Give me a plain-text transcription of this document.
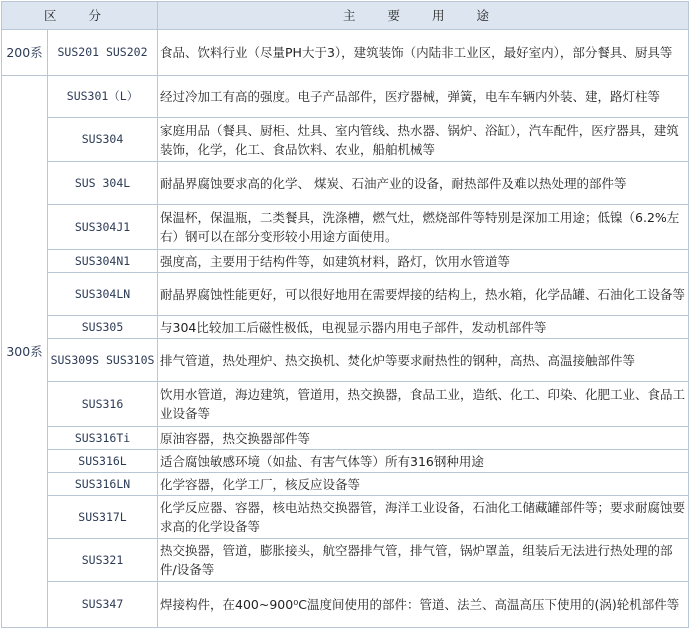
区 分		主 要 用 途
200系	SUS201 SUS202	食品、饮料行业（尽量PH大于3），建筑装饰（内陆非工业区，最好室内），部分餐具、厨具等
300系	SUS301（L）	经过冷加工有高的强度。电子产品部件，医疗器械，弹簧，电车车辆内外装、建，路灯柱等
	SUS304	家庭用品（餐具、厨柜、灶具、室内管线、热水器、锅炉、浴缸），汽车配件，医疗器具，建筑装饰，化学，化工、食品饮料、农业，船舶机械等
	SUS 304L	耐晶界腐蚀要求高的化学、 煤炭、石油产业的设备，耐热部件及难以热处理的部件等
	SUS304J1	保温杯，保温瓶，二类餐具，洗涤槽，燃气灶，燃烧部件等特别是深加工用途；低镍（6.2%左右）钢可以在部分变形较小用途方面使用。
	SUS304N1	强度高，主要用于结构件等，如建筑材料，路灯，饮用水管道等
	SUS304LN	耐晶界腐蚀性能更好，可以很好地用在需要焊接的结构上，热水箱，化学品罐、石油化工设备等
	SUS305	与304比较加工后磁性极低，电视显示器内用电子部件，发动机部件等
	SUS309S SUS310S	排气管道，热处理炉、热交换机、焚化炉等要求耐热性的钢种，高热、高温接触部件等
	SUS316	饮用水管道，海边建筑，管道用，热交换器，食品工业，造纸、化工、印染、化肥工业、食品工业设备等
	SUS316Ti	原油容器，热交换器部件等
	SUS316L	适合腐蚀敏感环境（如盐、有害气体等）所有316钢种用途
	SUS316LN	化学容器，化学工厂，核反应设备等
	SUS317L	化学反应器、容器，核电站热交换器管，海洋工业设备，石油化工储藏罐部件等；要求耐腐蚀要求高的化学设备等
	SUS321	热交换器，管道，膨胀接头，航空器排气管，排气管，锅炉罩盖，组装后无法进行热处理的部件/设备等
	SUS347	焊接构件，在400~900⁰C温度间使用的部件：管道、法兰、高温高压下使用的(涡)轮机部件等
